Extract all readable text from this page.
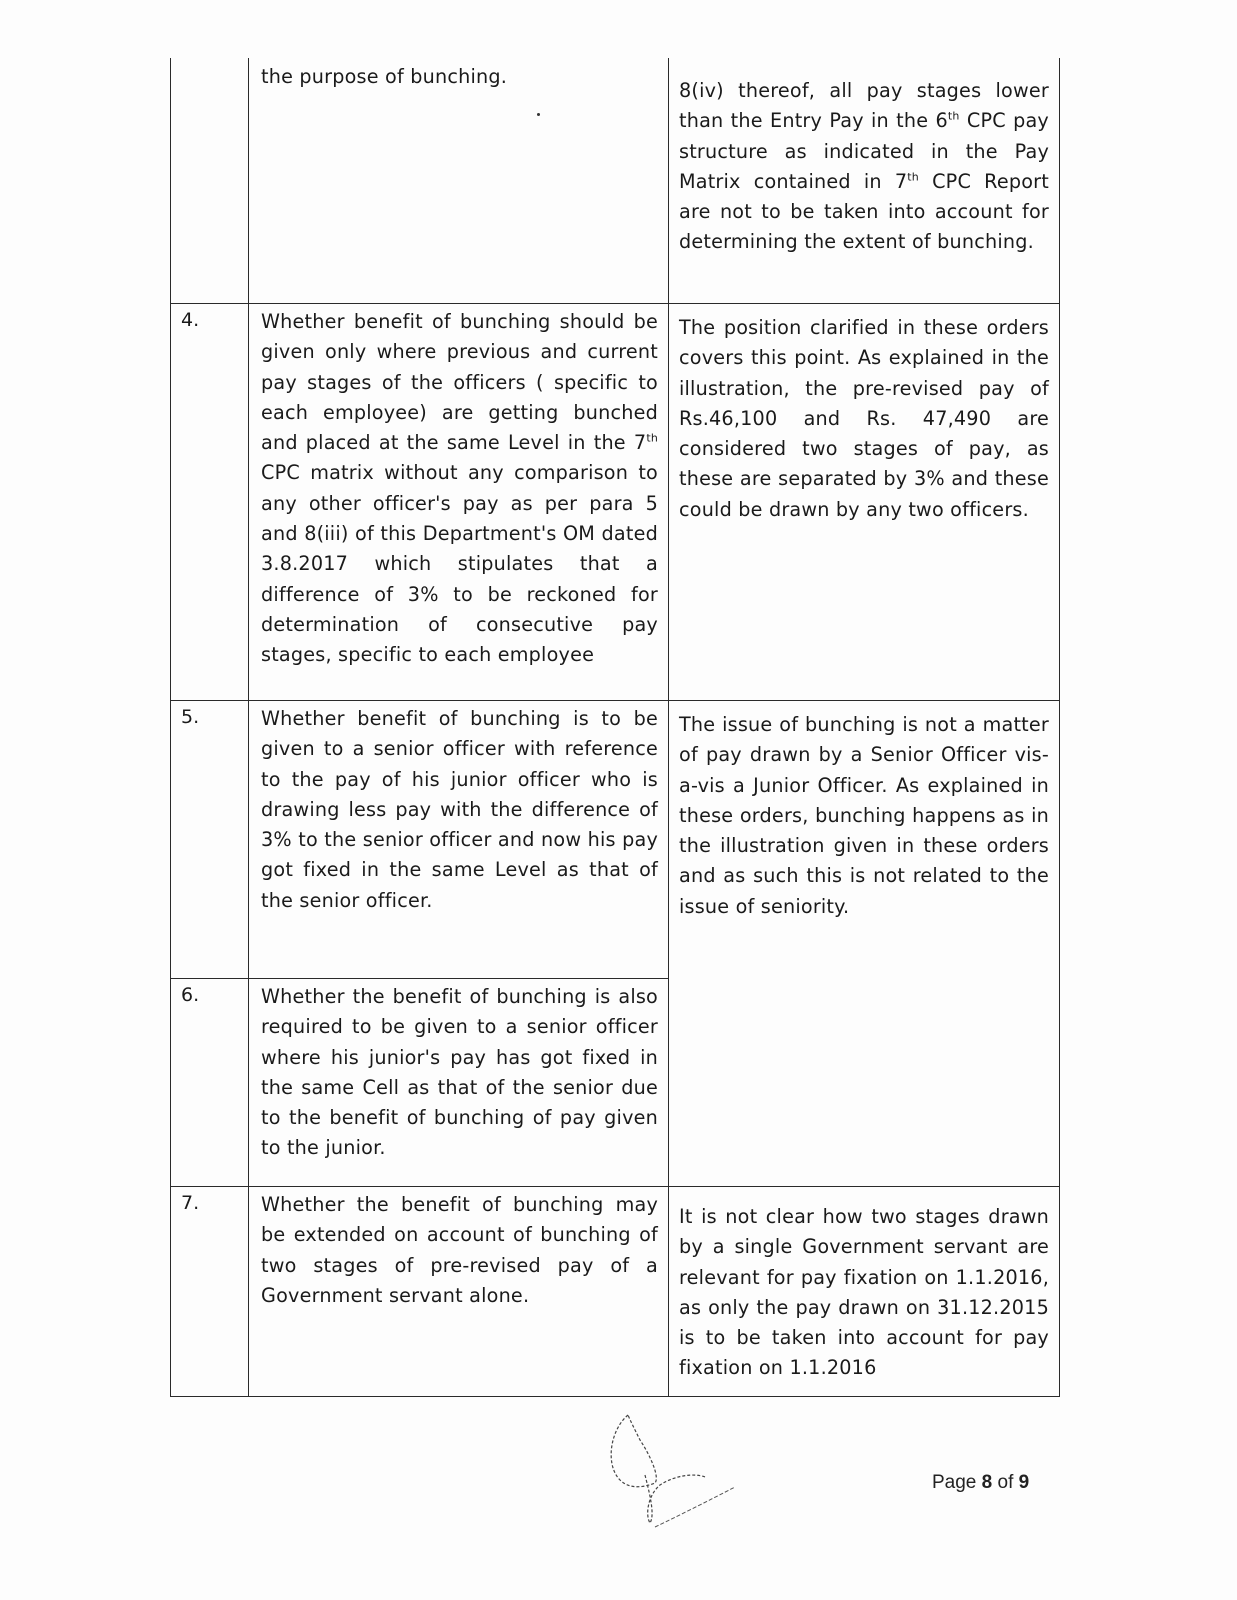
the purpose of bunching.
8(iv) thereof, all pay stages lower than the Entry Pay in the 6th CPC pay structure as indicated in the Pay Matrix contained in 7th CPC Report are not to be taken into account for determining the extent of bunching.
4.	Whether benefit of bunching should be given only where previous and current pay stages of the officers ( specific to each employee) are getting bunched and placed at the same Level in the 7th CPC matrix without any comparison to any other officer's pay as per para 5 and 8(iii) of this Department's OM dated 3.8.2017 which stipulates that a difference of 3% to be reckoned for determination of consecutive pay stages, specific to each employee
The position clarified in these orders covers this point. As explained in the illustration, the pre-revised pay of Rs.46,100 and Rs. 47,490 are considered two stages of pay, as these are separated by 3% and these could be drawn by any two officers.
5.	Whether benefit of bunching is to be given to a senior officer with reference to the pay of his junior officer who is drawing less pay with the difference of 3% to the senior officer and now his pay got fixed in the same Level as that of the senior officer.
The issue of bunching is not a matter of pay drawn by a Senior Officer vis-a-vis a Junior Officer. As explained in these orders, bunching happens as in the illustration given in these orders and as such this is not related to the issue of seniority.
6.	Whether the benefit of bunching is also required to be given to a senior officer where his junior's pay has got fixed in the same Cell as that of the senior due to the benefit of bunching of pay given to the junior.
7.	Whether the benefit of bunching may be extended on account of bunching of two stages of pre-revised pay of a Government servant alone.
It is not clear how two stages drawn by a single Government servant are relevant for pay fixation on 1.1.2016, as only the pay drawn on 31.12.2015 is to be taken into account for pay fixation on 1.1.2016
Page 8 of 9
